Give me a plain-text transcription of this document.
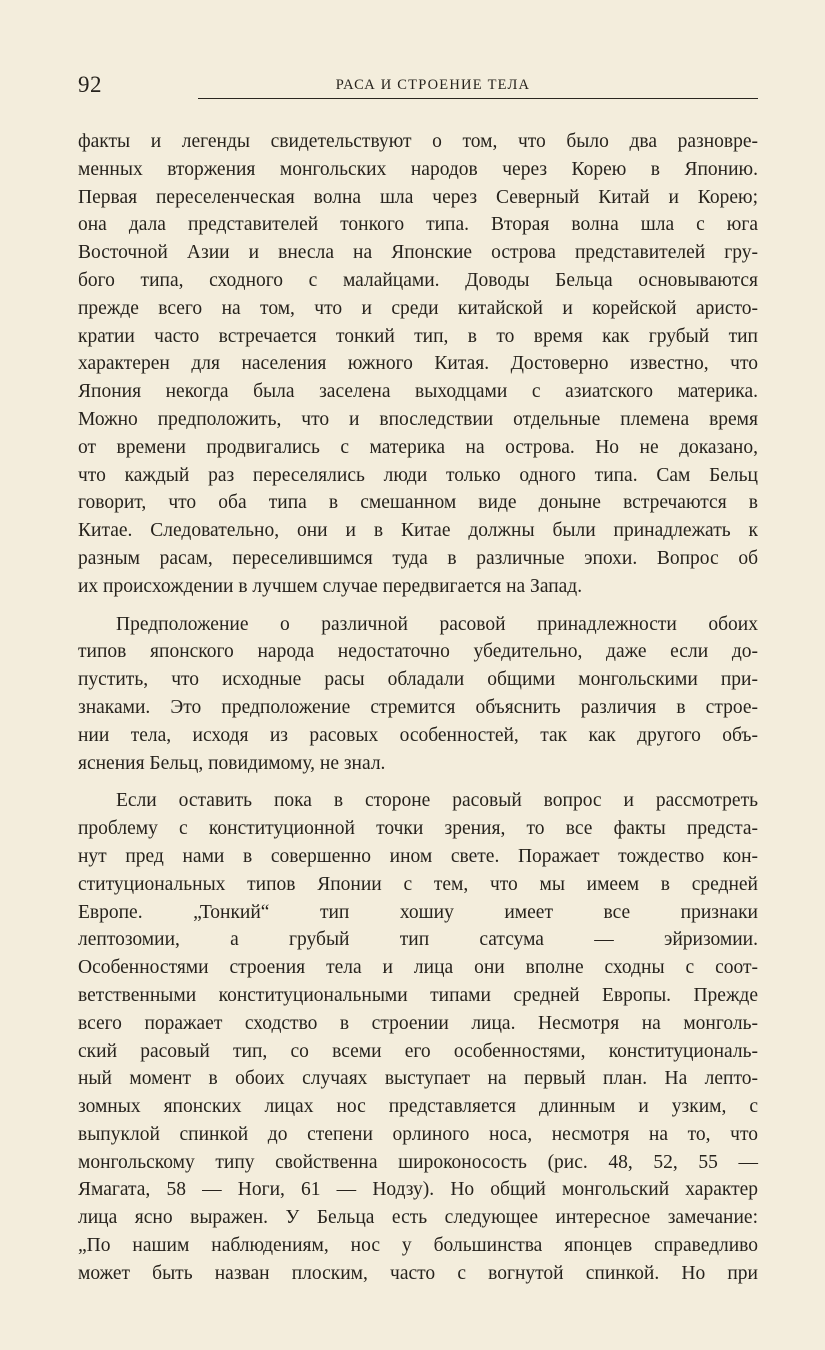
92	РАСА И СТРОЕНИЕ ТЕЛА
факты и легенды свидетельствуют о том, что было два разновре-
менных вторжения монгольских народов через Корею в Японию.
Первая переселенческая волна шла через Северный Китай и Корею;
она дала представителей тонкого типа. Вторая волна шла с юга
Восточной Азии и внесла на Японские острова представителей гру-
бого типа, сходного с малайцами. Доводы Бельца основываются
прежде всего на том, что и среди китайской и корейской аристо-
кратии часто встречается тонкий тип, в то время как грубый тип
характерен для населения южного Китая. Достоверно известно, что
Япония некогда была заселена выходцами с азиатского материка.
Можно предположить, что и впоследствии отдельные племена время
от времени продвигались с материка на острова. Но не доказано,
что каждый раз переселялись люди только одного типа. Сам Бельц
говорит, что оба типа в смешанном виде доныне встречаются в
Китае. Следовательно, они и в Китае должны были принадлежать к
разным расам, переселившимся туда в различные эпохи. Вопрос об
их происхождении в лучшем случае передвигается на Запад.
Предположение о различной расовой принадлежности обоих
типов японского народа недостаточно убедительно, даже если до-
пустить, что исходные расы обладали общими монгольскими при-
знаками. Это предположение стремится объяснить различия в строе-
нии тела, исходя из расовых особенностей, так как другого объ-
яснения Бельц, повидимому, не знал.
Если оставить пока в стороне расовый вопрос и рассмотреть
проблему с конституционной точки зрения, то все факты предста-
нут пред нами в совершенно ином свете. Поражает тождество кон-
ституциональных типов Японии с тем, что мы имеем в средней
Европе. „Тонкий“ тип хошиу имеет все признаки
лептозомии, а грубый тип сатсума — эйризомии.
Особенностями строения тела и лица они вполне сходны с соот-
ветственными конституциональными типами средней Европы. Прежде
всего поражает сходство в строении лица. Несмотря на монголь-
ский расовый тип, со всеми его особенностями, конституциональ-
ный момент в обоих случаях выступает на первый план. На лепто-
зомных японских лицах нос представляется длинным и узким, с
выпуклой спинкой до степени орлиного носа, несмотря на то, что
монгольскому типу свойственна широконосость (рис. 48, 52, 55 —
Ямагата, 58 — Ноги, 61 — Нодзу). Но общий монгольский характер
лица ясно выражен. У Бельца есть следующее интересное замечание:
„По нашим наблюдениям, нос у большинства японцев справедливо
может быть назван плоским, часто с вогнутой спинкой. Но при
